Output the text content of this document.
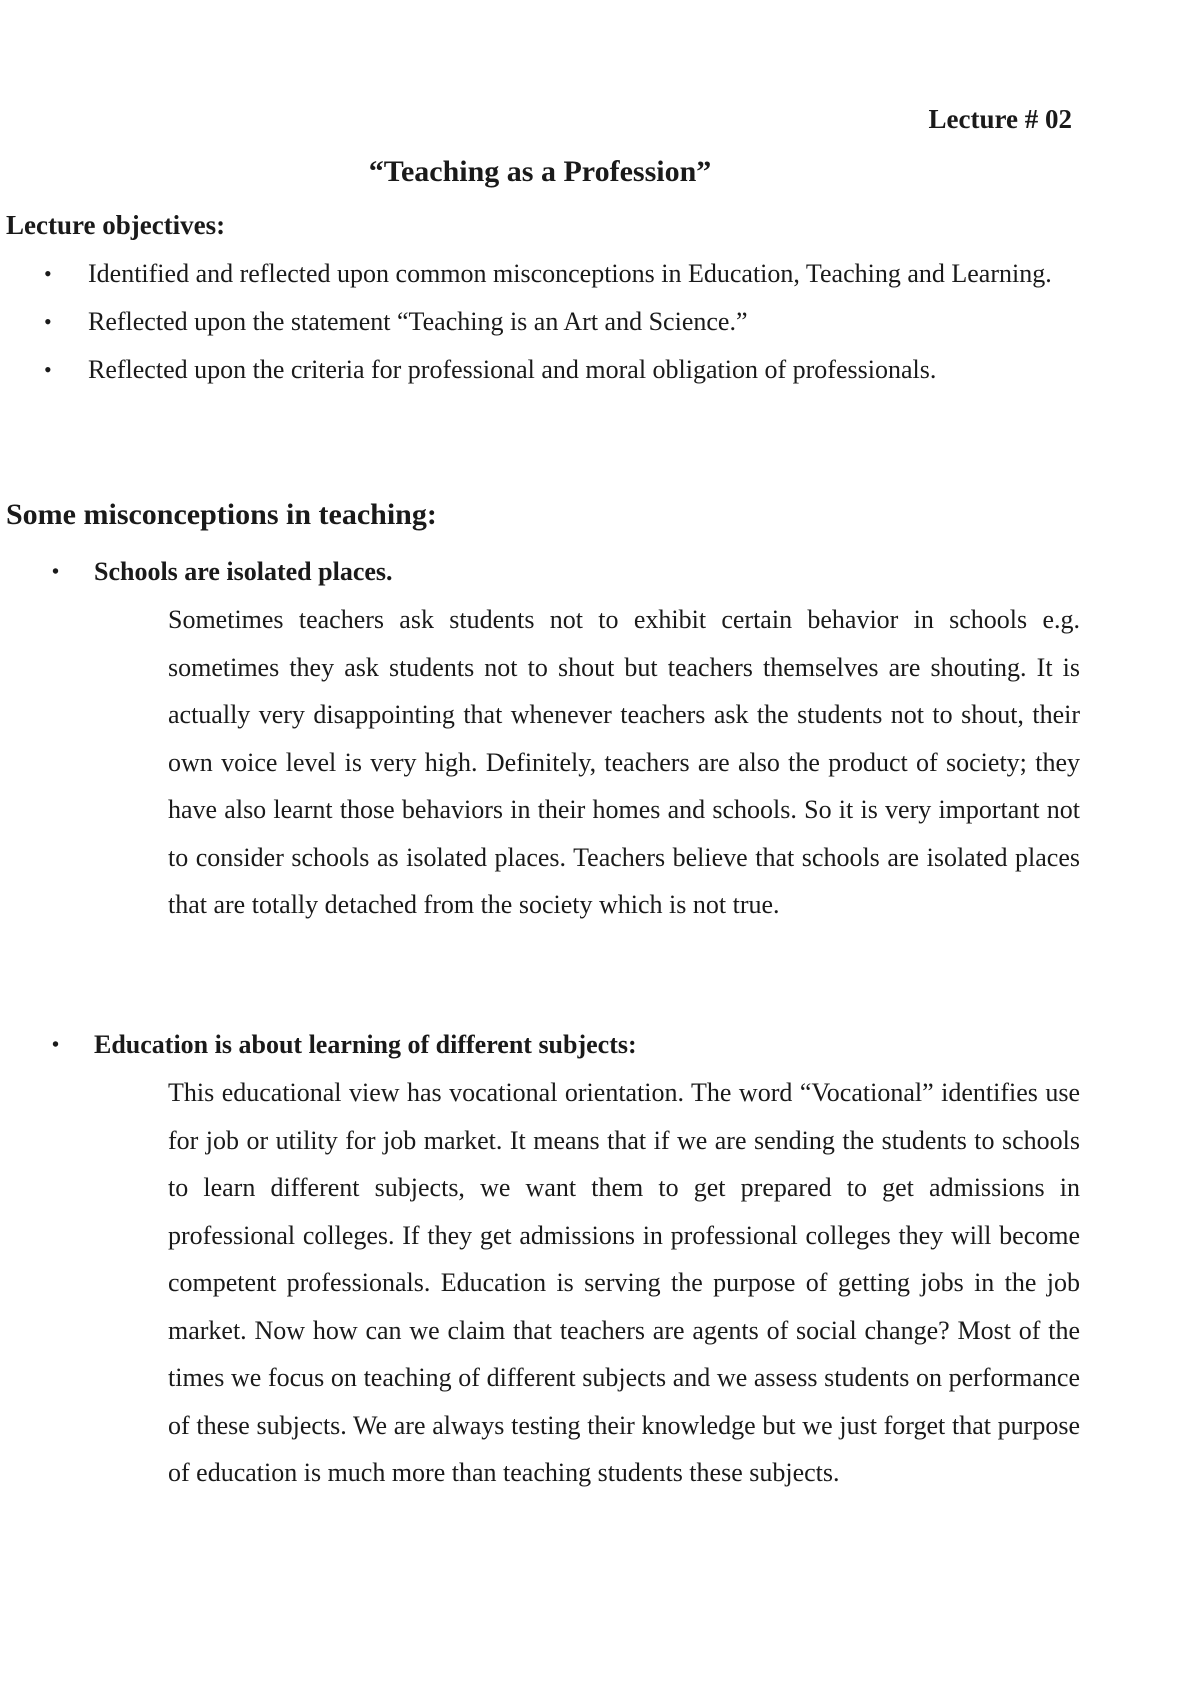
Lecture # 02
“Teaching as a Profession”
Lecture objectives:
• Identified and reflected upon common misconceptions in Education, Teaching and Learning.
• Reflected upon the statement “Teaching is an Art and Science.”
• Reflected upon the criteria for professional and moral obligation of professionals.
Some misconceptions in teaching:
• Schools are isolated places.
Sometimes teachers ask students not to exhibit certain behavior in schools e.g. sometimes they ask students not to shout but teachers themselves are shouting. It is actually very disappointing that whenever teachers ask the students not to shout, their own voice level is very high. Definitely, teachers are also the product of society; they have also learnt those behaviors in their homes and schools. So it is very important not to consider schools as isolated places. Teachers believe that schools are isolated places that are totally detached from the society which is not true.
• Education is about learning of different subjects:
This educational view has vocational orientation. The word “Vocational” identifies use for job or utility for job market. It means that if we are sending the students to schools to learn different subjects, we want them to get prepared to get admissions in professional colleges. If they get admissions in professional colleges they will become competent professionals. Education is serving the purpose of getting jobs in the job market. Now how can we claim that teachers are agents of social change? Most of the times we focus on teaching of different subjects and we assess students on performance of these subjects. We are always testing their knowledge but we just forget that purpose of education is much more than teaching students these subjects.
